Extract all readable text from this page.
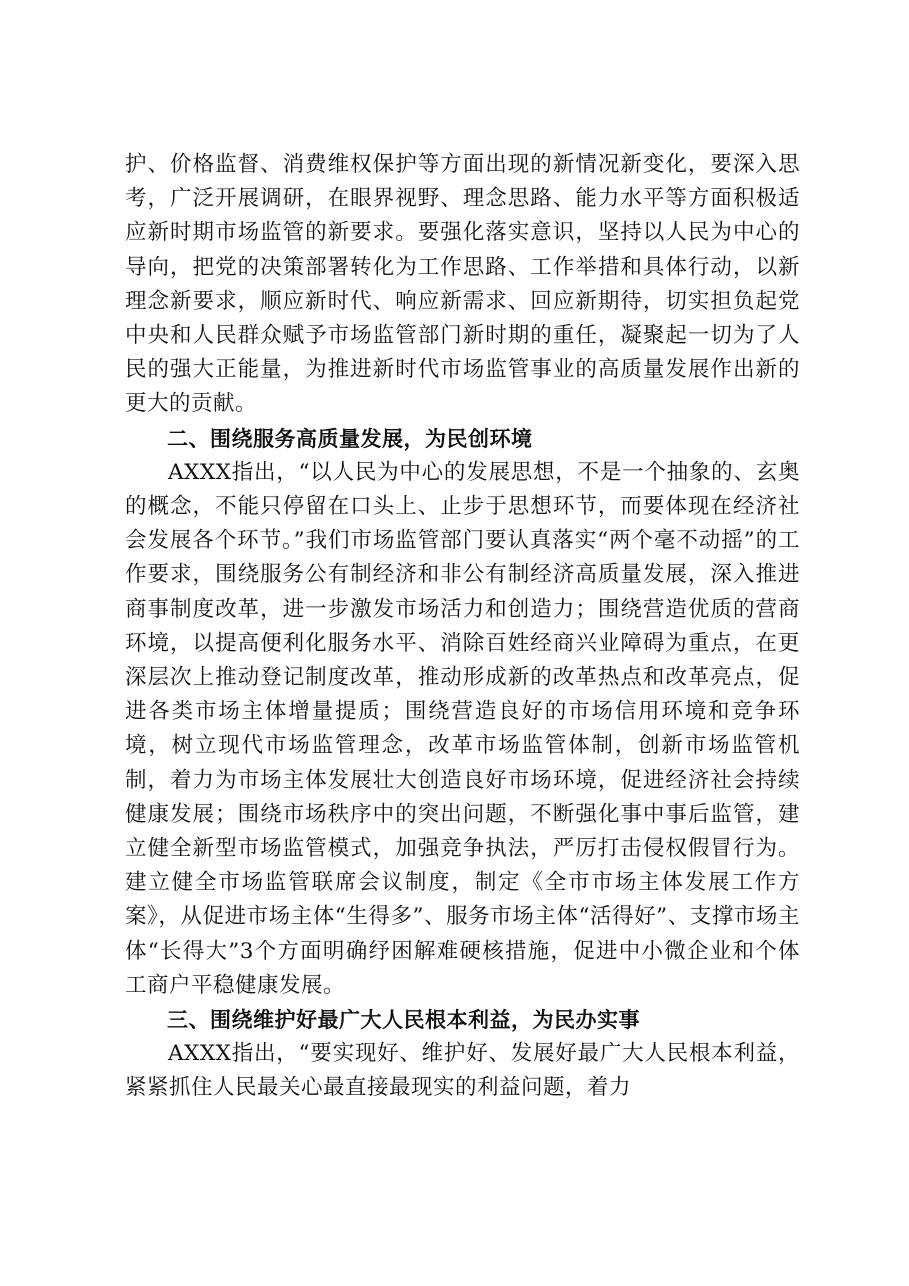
护、价格监督、消费维权保护等方面出现的新情况新变化，要深入思考，广泛开展调研，在眼界视野、理念思路、能力水平等方面积极适应新时期市场监管的新要求。要强化落实意识，坚持以人民为中心的导向，把党的决策部署转化为工作思路、工作举措和具体行动，以新理念新要求，顺应新时代、响应新需求、回应新期待，切实担负起党中央和人民群众赋予市场监管部门新时期的重任，凝聚起一切为了人民的强大正能量，为推进新时代市场监管事业的高质量发展作出新的更大的贡献。

二、围绕服务高质量发展，为民创环境

AXXX指出，“以人民为中心的发展思想，不是一个抽象的、玄奥的概念，不能只停留在口头上、止步于思想环节，而要体现在经济社会发展各个环节。”我们市场监管部门要认真落实“两个毫不动摇”的工作要求，围绕服务公有制经济和非公有制经济高质量发展，深入推进商事制度改革，进一步激发市场活力和创造力；围绕营造优质的营商环境，以提高便利化服务水平、消除百姓经商兴业障碍为重点，在更深层次上推动登记制度改革，推动形成新的改革热点和改革亮点，促进各类市场主体增量提质；围绕营造良好的市场信用环境和竞争环境，树立现代市场监管理念，改革市场监管体制，创新市场监管机制，着力为市场主体发展壮大创造良好市场环境，促进经济社会持续健康发展；围绕市场秩序中的突出问题，不断强化事中事后监管，建立健全新型市场监管模式，加强竞争执法，严厉打击侵权假冒行为。建立健全市场监管联席会议制度，制定《全市市场主体发展工作方案》，从促进市场主体“生得多”、服务市场主体“活得好”、支撑市场主体“长得大”3个方面明确纾困解难硬核措施，促进中小微企业和个体工商户平稳健康发展。

三、围绕维护好最广大人民根本利益，为民办实事

AXXX指出，“要实现好、维护好、发展好最广大人民根本利益，紧紧抓住人民最关心最直接最现实的利益问题，着力
